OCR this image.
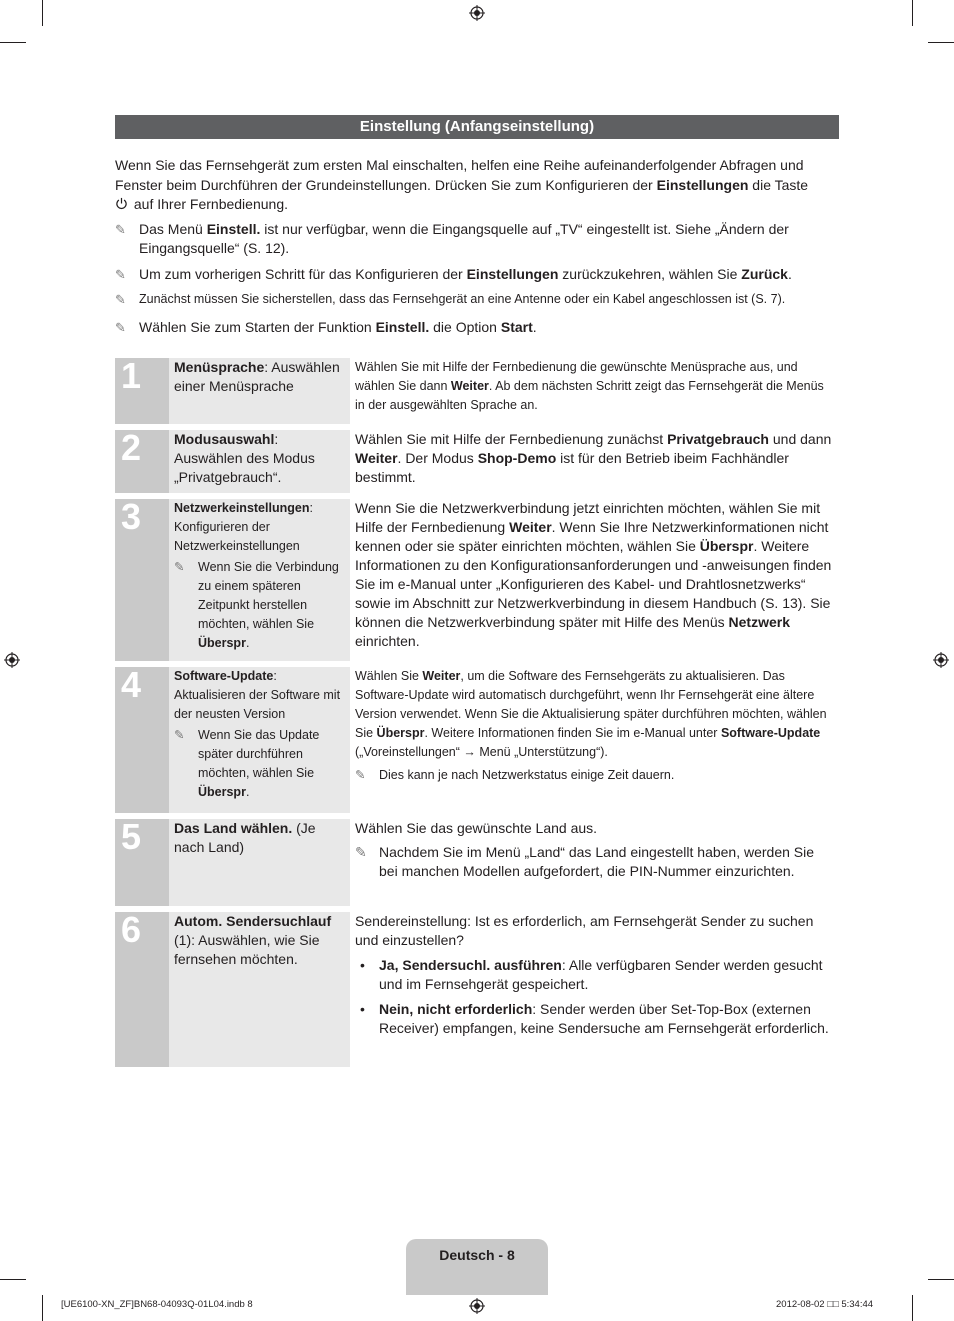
Einstellung (Anfangseinstellung)

Wenn Sie das Fernsehgerät zum ersten Mal einschalten, helfen eine Reihe aufeinanderfolgender Abfragen und Fenster beim Durchführen der Grundeinstellungen. Drücken Sie zum Konfigurieren der Einstellungen die Taste
auf Ihrer Fernbedienung.

✎ Das Menü Einstell. ist nur verfügbar, wenn die Eingangsquelle auf „TV“ eingestellt ist. Siehe „Ändern der Eingangsquelle“ (S. 12).

✎ Um zum vorherigen Schritt für das Konfigurieren der Einstellungen zurückzukehren, wählen Sie Zurück.

✎ Zunächst müssen Sie sicherstellen, dass das Fernsehgerät an eine Antenne oder ein Kabel angeschlossen ist (S. 7).

✎ Wählen Sie zum Starten der Funktion Einstell. die Option Start.

1	Menüsprache: Auswählen einer Menüsprache

Wählen Sie mit Hilfe der Fernbedienung die gewünschte Menüsprache aus, und wählen Sie dann Weiter. Ab dem nächsten Schritt zeigt das Fernsehgerät die Menüs in der ausgewählten Sprache an.

2	Modusauswahl: Auswählen des Modus „Privatgebrauch“.

Wählen Sie mit Hilfe der Fernbedienung zunächst Privatgebrauch und dann Weiter. Der Modus Shop-Demo ist für den Betrieb ibeim Fachhändler bestimmt.

3	Netzwerkeinstellungen: Konfigurieren der Netzwerkeinstellungen
✎ Wenn Sie die Verbindung zu einem späteren Zeitpunkt herstellen möchten, wählen Sie Überspr.

Wenn Sie die Netzwerkverbindung jetzt einrichten möchten, wählen Sie mit Hilfe der Fernbedienung Weiter. Wenn Sie Ihre Netzwerkinformationen nicht kennen oder sie später einrichten möchten, wählen Sie Überspr. Weitere Informationen zu den Konfigurationsanforderungen und -anweisungen finden Sie im e-Manual unter „Konfigurieren des Kabel- und Drahtlosnetzwerks“ sowie im Abschnitt zur Netzwerkverbindung in diesem Handbuch (S. 13). Sie können die Netzwerkverbindung später mit Hilfe des Menüs Netzwerk einrichten.

4	Software-Update: Aktualisieren der Software mit der neusten Version
✎ Wenn Sie das Update später durchführen möchten, wählen Sie Überspr.

Wählen Sie Weiter, um die Software des Fernsehgeräts zu aktualisieren. Das Software-Update wird automatisch durchgeführt, wenn Ihr Fernsehgerät eine ältere Version verwendet. Wenn Sie die Aktualisierung später durchführen möchten, wählen Sie Überspr. Weitere Informationen finden Sie im e-Manual unter Software-Update („Voreinstellungen“ → Menü „Unterstützung“).

✎ Dies kann je nach Netzwerkstatus einige Zeit dauern.
5	Das Land wählen. (Je nach Land)

Wählen Sie das gewünschte Land aus.

✎ Nachdem Sie im Menü „Land“ das Land eingestellt haben, werden Sie bei manchen Modellen aufgefordert, die PIN-Nummer einzurichten.
6	Autom. Sendersuchlauf (1): Auswählen, wie Sie fernsehen möchten.

Sendereinstellung: Ist es erforderlich, am Fernsehgerät Sender zu suchen und einzustellen?

• Ja, Sendersuchl. ausführen: Alle verfügbaren Sender werden gesucht und im Fernsehgerät gespeichert.
• Nein, nicht erforderlich: Sender werden über Set-Top-Box (externen Receiver) empfangen, keine Sendersuche am Fernsehgerät erforderlich.
Deutsch - 8
[UE6100-XN_ZF]BN68-04093Q-01L04.indb 8	2012-08-02 □□ 5:34:44
